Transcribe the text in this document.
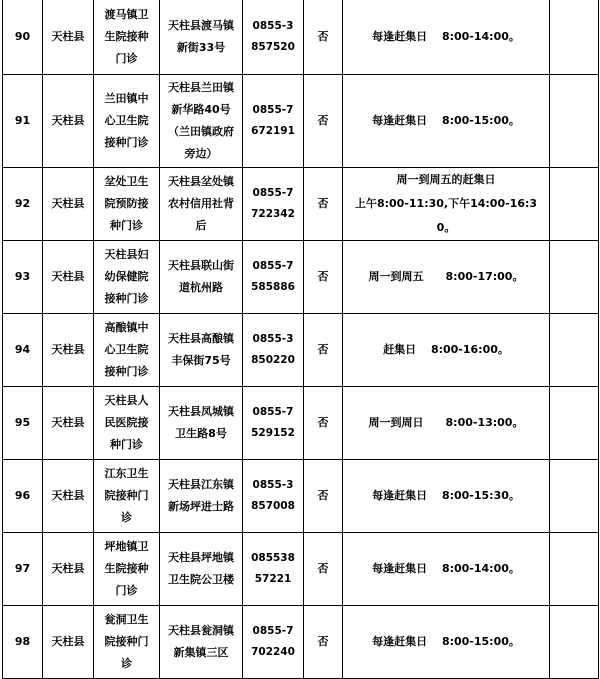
90	天柱县	渡马镇卫
生院接种
门诊	天柱县渡马镇
新街33号	0855-3
857520	否	每逢赶集日　 8:00-14:00。	

91	天柱县	兰田镇中
心卫生院
接种门诊	天柱县兰田镇
新华路40号
（兰田镇政府
旁边）	0855-7
672191	否	每逢赶集日　 8:00-15:00。	

92	天柱县	坌处卫生
院预防接
种门诊	天柱县坌处镇
农村信用社背
后	0855-7
722342	否	周一到周五的赶集日
上午8:00-11:30,下午14:00-16:3
0。	

93	天柱县	天柱县妇
幼保健院
接种门诊	天柱县联山街
道杭州路	0855-7
585886	否	周一到周五　　8:00-17:00。	

94	天柱县	高酿镇中
心卫生院
接种门诊	天柱县高酿镇
丰保街75号	0855-3
850220	否	赶集日　 8:00-16:00。	

95	天柱县	天柱县人
民医院接
种门诊	天柱县凤城镇
卫生路8号	0855-7
529152	否	周一到周日　　8:00-13:00。	

96	天柱县	江东卫生
院接种门
诊	天柱县江东镇
新场坪进士路	0855-3
857008	否	每逢赶集日　 8:00-15:30。	

97	天柱县	坪地镇卫
生院接种
门诊	天柱县坪地镇
卫生院公卫楼	085538
57221	否	每逢赶集日　 8:00-14:00。	

98	天柱县	瓮洞卫生
院接种门
诊	天柱县瓮洞镇
新集镇三区	0855-7
702240	否	每逢赶集日　 8:00-15:00。	
